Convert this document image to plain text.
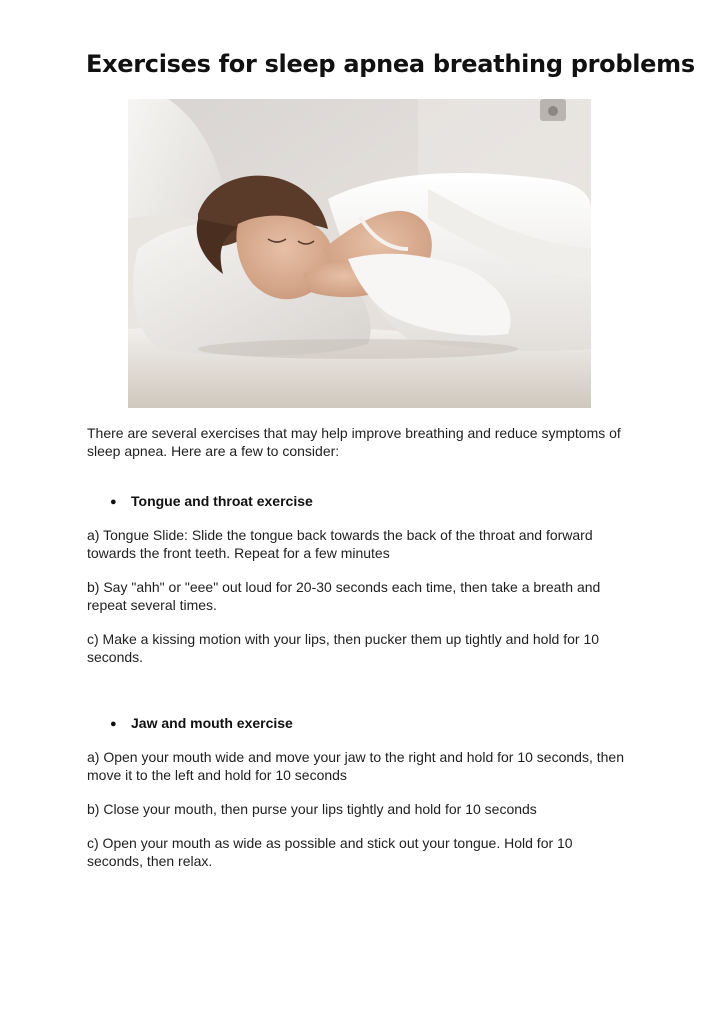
Exercises for sleep apnea breathing problems

There are several exercises that may help improve breathing and reduce symptoms of sleep apnea. Here are a few to consider:

● Tongue and throat exercise

a) Tongue Slide: Slide the tongue back towards the back of the throat and forward towards the front teeth. Repeat for a few minutes

b) Say "ahh" or "eee" out loud for 20-30 seconds each time, then take a breath and repeat several times.

c) Make a kissing motion with your lips, then pucker them up tightly and hold for 10 seconds.

● Jaw and mouth exercise

a) Open your mouth wide and move your jaw to the right and hold for 10 seconds, then move it to the left and hold for 10 seconds

b) Close your mouth, then purse your lips tightly and hold for 10 seconds

c) Open your mouth as wide as possible and stick out your tongue. Hold for 10 seconds, then relax.
